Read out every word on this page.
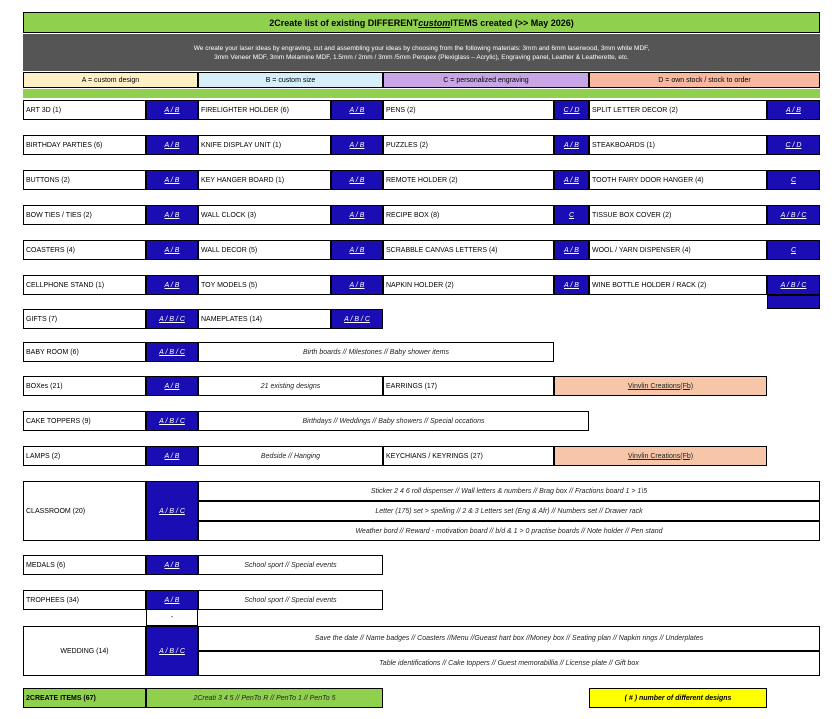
2Create list of existing DIFFERENT custom ITEMS created (>> May 2026)
We create your laser ideas by engraving, cut and assembling your ideas by choosing from the following materials: 3mm and 6mm laserwood, 3mm white MDF,
3mm Veneer MDF, 3mm Melamine MDF, 1.5mm / 2mm / 3mm /5mm Perspex (Plexiglass – Acrylic), Engraving panel, Leather & Leatherette, etc.
A = custom design	B = custom size	C = personalized engraving	D = own stock / stock to order
ART 3D (1)	A / B	FIRELIGHTER HOLDER (6)	A / B	PENS (2)	C / D	SPLIT LETTER DECOR (2)	A / B
BIRTHDAY PARTIES (6)	A / B	KNIFE DISPLAY UNIT (1)	A / B	PUZZLES (2)	A / B	STEAKBOARDS (1)	C / D
BUTTONS (2)	A / B	KEY HANGER BOARD (1)	A / B	REMOTE HOLDER (2)	A / B	TOOTH FAIRY DOOR HANGER (4)	C
BOW TIES / TIES (2)	A / B	WALL CLOCK (3)	A / B	RECIPE BOX (8)	C	TISSUE BOX COVER (2)	A / B / C
COASTERS (4)	A / B	WALL DECOR (5)	A / B	SCRABBLE CANVAS LETTERS (4)	A / B	WOOL / YARN DISPENSER (4)	C
CELLPHONE STAND (1)	A / B	TOY MODELS (5)	A / B	NAPKIN HOLDER (2)	A / B	WINE BOTTLE HOLDER / RACK (2)	A / B / C
GIFTS (7)	A / B / C	NAMEPLATES (14)	A / B / C
BABY ROOM (6)	A / B / C	Birth boards // Milestones // Baby shower items
BOXes (21)	A / B	21 existing designs	EARRINGS (17)	Vinvlin Creations(Fb)
CAKE TOPPERS (9)	A / B / C	Birthdays // Weddings // Baby showers // Special occations
LAMPS (2)	A / B	Bedside // Hanging	KEYCHIANS / KEYRINGS (27)	Vinvlin Creations(Fb)
CLASSROOM (20)	A / B / C
Sticker 2 4 6 roll dispenser // Wall letters & numbers // Brag box // Fractions board 1 > 1\5
Letter (175) set > spelling // 2 & 3 Letters set (Eng & Afr) // Numbers set // Drawer rack
Weather bord // Reward - motivation board // b/d & 1 > 0 practise boards // Note holder // Pen stand
MEDALS (6)	A / B	School sport // Special events
TROPHEES (34)	A / B	School sport // Special events
-
WEDDING (14)	A / B / C
Save the date // Name badges // Coasters //Menu //Gueast hart box //Money box // Seating plan // Napkin rings // Underplates
Table identifications // Cake toppers // Guest memorabillia // License plate // Gift box
2CREATE ITEMS (67)	2Creati 3 4 5 // PenTo R // PenTo 1 // PenTo 5	( # ) number of different designs
